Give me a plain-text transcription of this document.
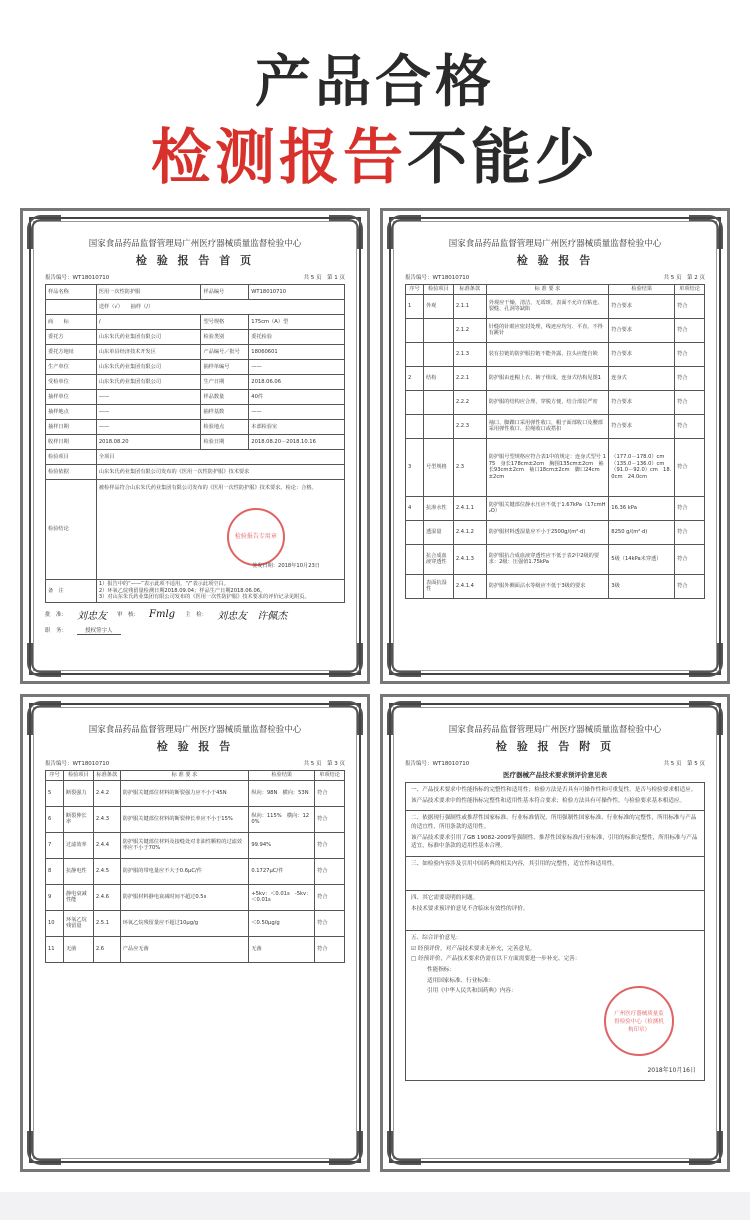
产品合格
检测报告不能少
国家食品药品监督管理局广州医疗器械质量监督检验中心
检 验 报 告 首 页
报告编号：WT18010710	共 5 页　第 1 页
样品名称	医用一次性防护服	样品编号	WT18010710
	送样（√）　　抽样（/）		
商　　标	/	型号规格	175cm（A）型
委托方	山东朱氏药业集团有限公司	检验类别	委托检验
委托方地址	山东单县经济技术开发区	产品编号／批号	18060601
生产单位	山东朱氏药业集团有限公司	抽样单编号	——
受检单位	山东朱氏药业集团有限公司	生产日期	2018.06.06
抽样单位	——	样品数量	40件
抽样地点	——	抽样基数	——
抽样日期	——	检验地点	本部检验室
收样日期	2018.08.20	检验日期	2018.08.20－2018.10.16
检验项目	全项目		
检验依据	山东朱氏药业集团有限公司发布的《医用一次性防护服》技术要求		
检验结论	被检样品符合山东朱氏药业集团有限公司发布的《医用一次性防护服》技术要求。检论：合格。
检验报告专用章
签发日期：2018年10月23日

备　注	1）报告中的“——”表示此项不适用，“/”表示此项空白。
2）环氧乙烷残留量检测日期2018.09.04；样品生产日期2018.06.06。
3）对山东朱氏药业集团有限公司发布的《医用一次性防护服》技术要求的评价记录见附页。
批　准： 刘忠友 审　核： Fmlg 主　检： 刘忠友　许佩杰
职　务：	授权签字人
国家食品药品监督管理局广州医疗器械质量监督检验中心
检 验 报 告
报告编号：WT18010710	共 5 页　第 2 页
序号	检验项目	标准条款	标 准 要 求	检验结果	单项结论
1	外观	2.1.1	外观应干燥、清洁，无霉斑，表面不允许有粘连、裂缝、孔洞等缺陷	符合要求	符合
		2.1.2	针缝的针眼应密封处理，线迹应均匀、平直，不得有跳针	符合要求	符合
		2.1.3	装有拉链的防护服拉链不能外露，拉头应能自锁	符合要求	符合
2	结构	2.2.1	防护服由连帽上衣、裤子组成，连身式结构见图1	连身式	符合
		2.2.2	防护服的结构应合理，穿脱方便，结合部位严密	符合要求	符合
		2.2.3	袖口、脚踝口采用弹性收口，帽子面部收口及腰部采用弹性收口、拉绳收口或搭扣	符合要求	符合
3	号型规格	2.3	防护服号型规格应符合表1中的规定：连身式型号 175　身长178cm±2cm　胸围135cm±2cm　袖长93cm±2cm　袖口18cm±2cm　脚口24cm±2cm	（177.0－178.0）cm　（135.0－136.0）cm　（91.0－92.0）cm　18.0cm　24.0cm	符合
4	抗渗水性	2.4.1.1	防护服关键部位静水压应不低于1.67kPa（17cmH₂O）	16.36 kPa	符合
	透湿量	2.4.1.2	防护服材料透湿量应不小于2500g/(m²·d)	8250 g/(m²·d)	符合
	抗合成血液穿透性	2.4.1.3	防护服抗合成血液穿透性应不低于表2中2级的要求：2级：压强值1.75kPa	5级（14kPa未穿透）	符合
	表面抗湿性	2.4.1.4	防护服外侧面沾水等级应不低于3级的要求	3级	符合
国家食品药品监督管理局广州医疗器械质量监督检验中心
检 验 报 告
报告编号：WT18010710	共 5 页　第 3 页
序号	检验项目	标准条款	标 准 要 求	检验结果	单项结论
5	断裂强力	2.4.2	防护服关键部位材料的断裂强力应不小于45N	纵向：98N　横向：53N	符合
6	断裂伸长率	2.4.3	防护服关键部位材料的断裂伸长率应不小于15%	纵向：115%　横向：120%	符合
7	过滤效率	2.4.4	防护服关键部位材料及接缝处对非油性颗粒的过滤效率应不小于70%	99.94%	符合
8	抗静电性	2.4.5	防护服的带电量应不大于0.6μC/件	0.1727μC/件	符合
9	静电衰减性能	2.4.6	防护服材料静电衰减时间不超过0.5s	+5kv：＜0.01s　-5kv：＜0.01s	符合
10	环氧乙烷残留量	2.5.1	环氧乙烷残留量应不超过10μg/g	＜0.50μg/g	符合
11	无菌	2.6	产品应无菌	无菌	符合
国家食品药品监督管理局广州医疗器械质量监督检验中心
检 验 报 告 附 页
报告编号：WT18010710	共 5 页　第 5 页
医疗器械产品技术要求预评价意见表

一、产品技术要求中性能指标的完整性和适用性；检验方法是否具有可操作性和可重复性，是否与检验要求相适应。

该产品技术要求中的性能指标完整性和适用性基本符合要求；检验方法具有可操作性，与检验要求基本相适应。

二、依据现行强制性或推荐性国家标准、行业标准情况，所用强制性国家标准、行业标准的完整性，所用标准与产品的适宜性，所用条款的适用性。

该产品技术要求引用了GB 19082-2009等强制性、推荐性国家标准/行业标准，引用的标准完整性，所用标准与产品适宜，标准中条款的适用性基本合理。

三、如检验内容涉及引用中国药典的相关内容，其引用的完整性，适宜性和适用性。

四、其它需要说明的问题。

本技术要求预评价意见不含临床有效性的评价。

五、综合评价意见：

☑ 经预评价，对产品技术要求无补充，完善意见。

□ 经预评价，产品技术要求仍需在以下方面需要进一步补充、完善：

性能指标：

适用国家标准、行业标准：

引用《中华人民共和国药典》内容：

广州医疗器械质量监督检验中心（检测机构印章）
2018年10月16日
